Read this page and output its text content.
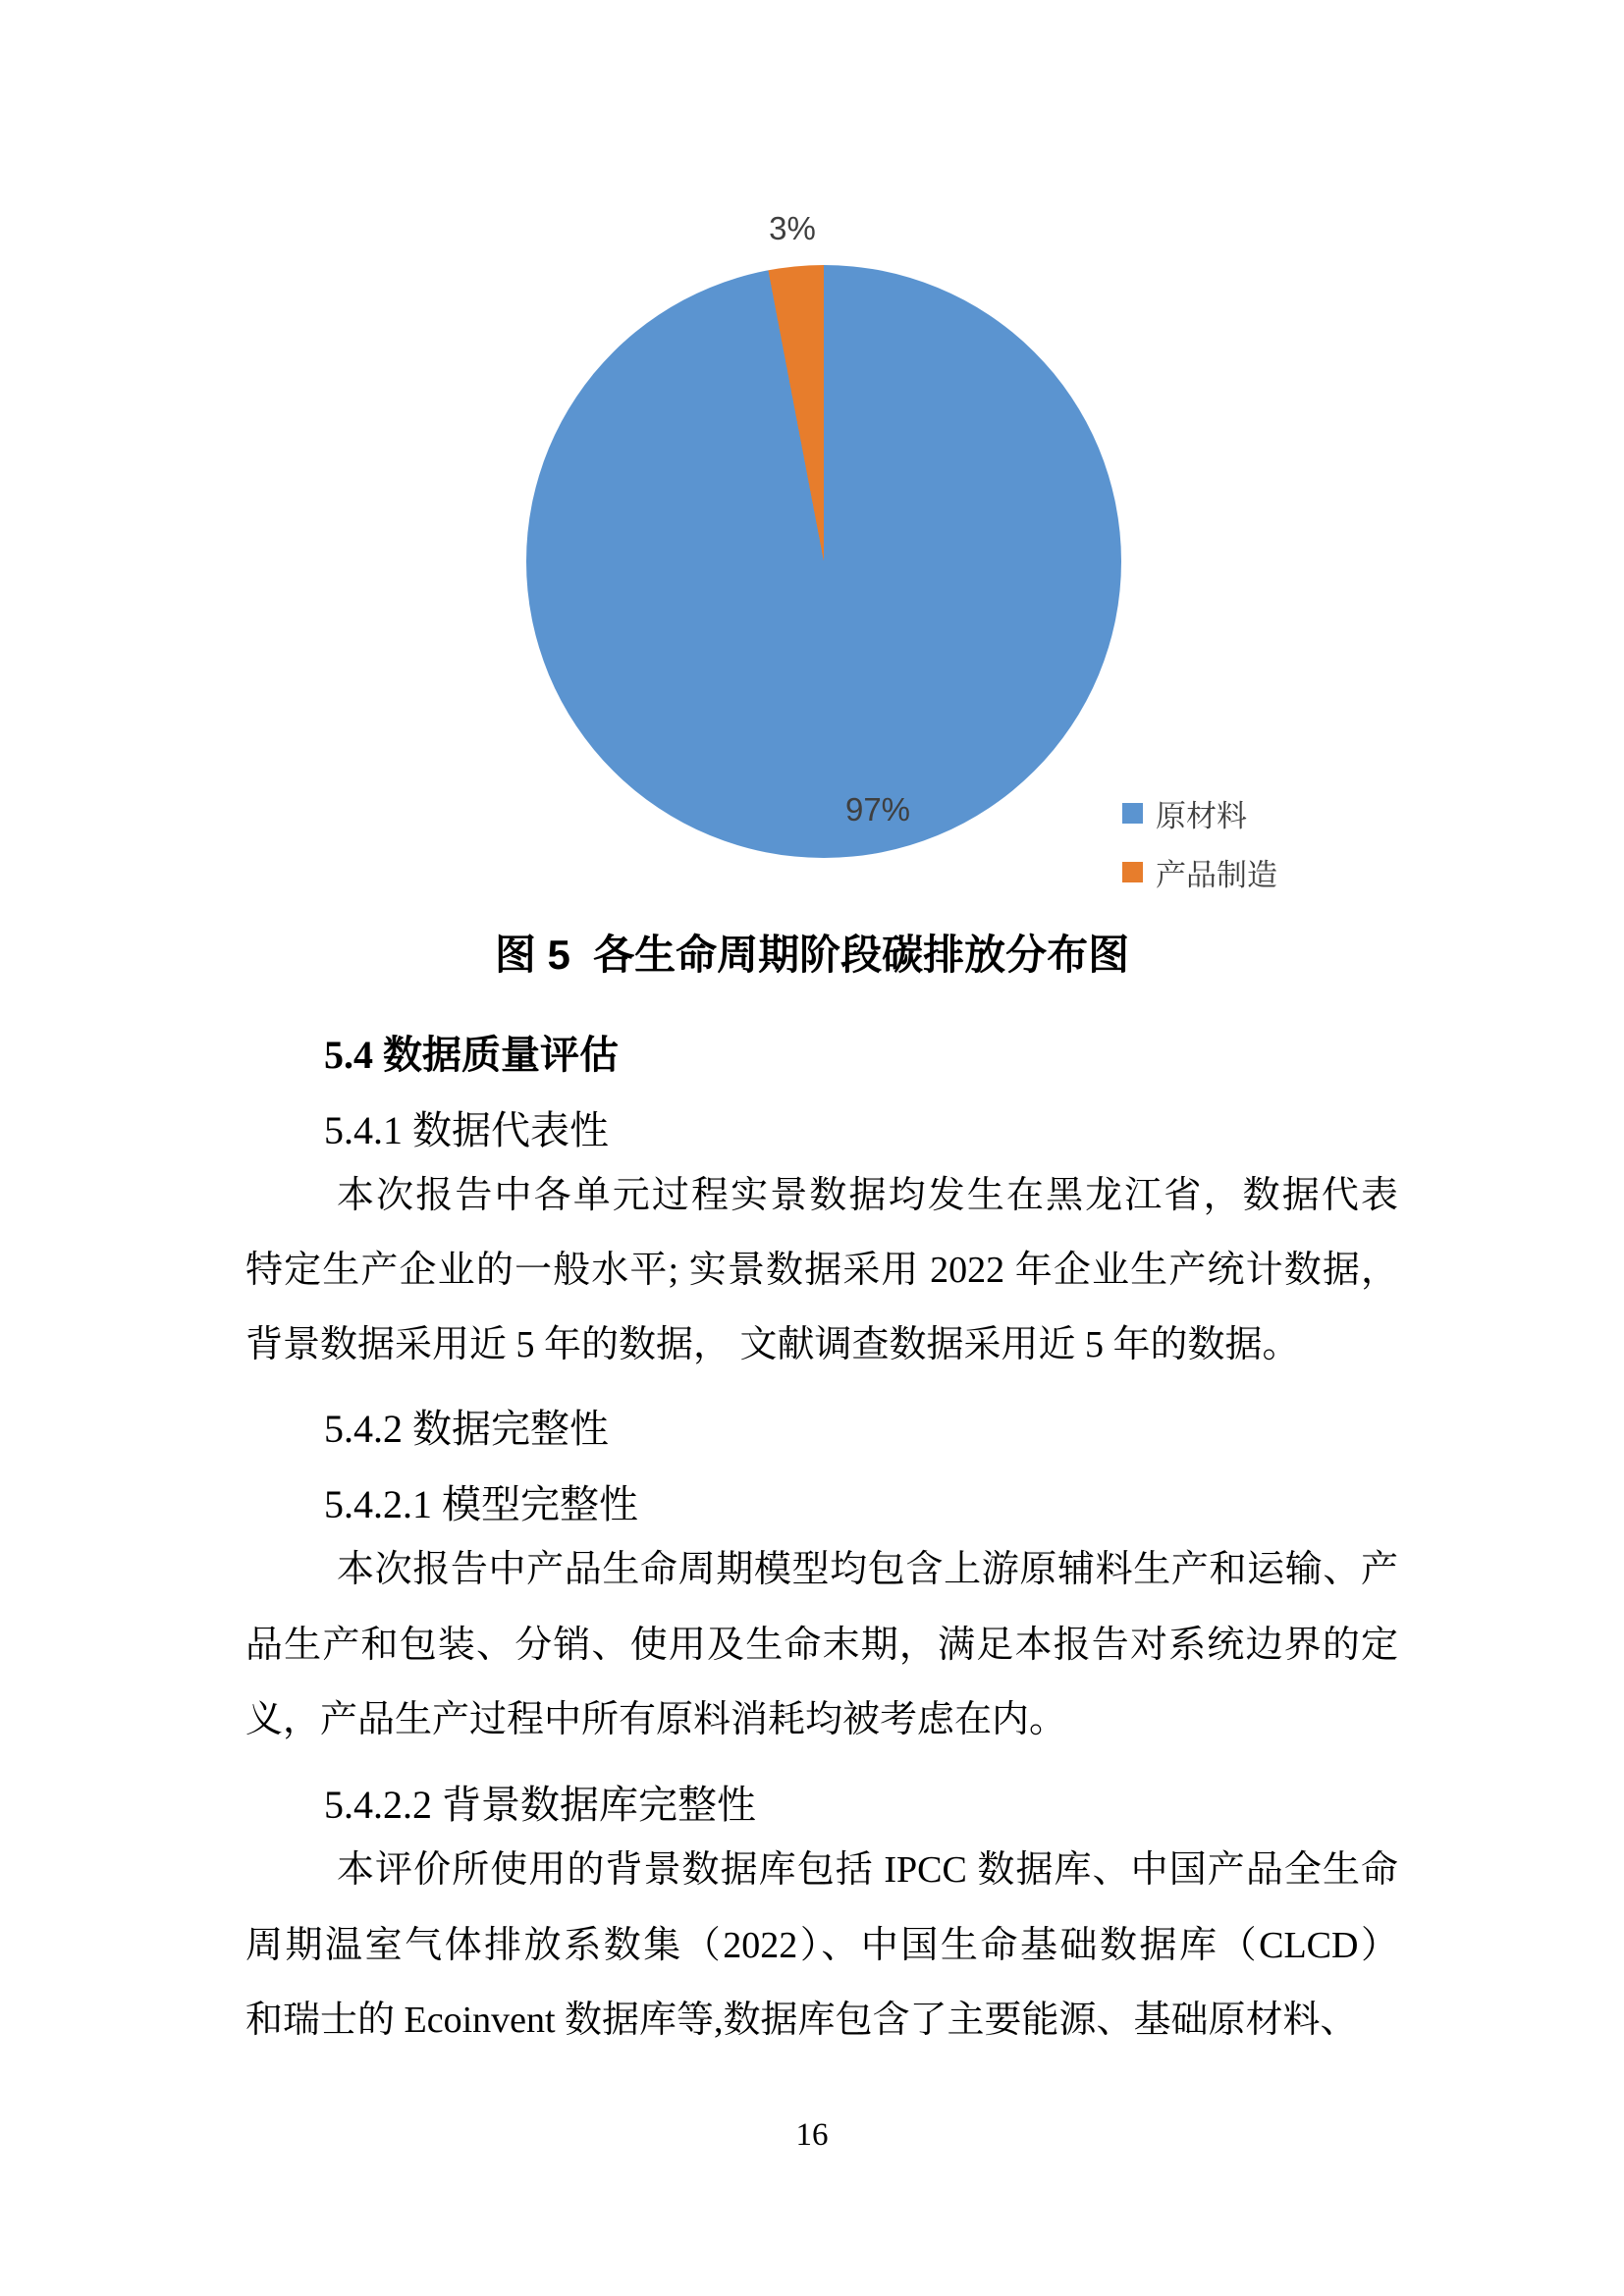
3%
97%	原材料
产品制造
图 5  各生命周期阶段碳排放分布图
5.4 数据质量评估
5.4.1 数据代表性
本次报告中各单元过程实景数据均发生在黑龙江省，数据代表
特定生产企业的一般水平; 实景数据采用 2022 年企业生产统计数据，
背景数据采用近 5 年的数据， 文献调查数据采用近 5 年的数据。
5.4.2 数据完整性
5.4.2.1 模型完整性
本次报告中产品生命周期模型均包含上游原辅料生产和运输、产
品生产和包装、分销、使用及生命末期，满足本报告对系统边界的定
义，产品生产过程中所有原料消耗均被考虑在内。
5.4.2.2 背景数据库完整性
本评价所使用的背景数据库包括 IPCC 数据库、中国产品全生命
周期温室气体排放系数集（2022）、中国生命基础数据库（CLCD）
和瑞士的 Ecoinvent 数据库等,数据库包含了主要能源、基础原材料、
16
